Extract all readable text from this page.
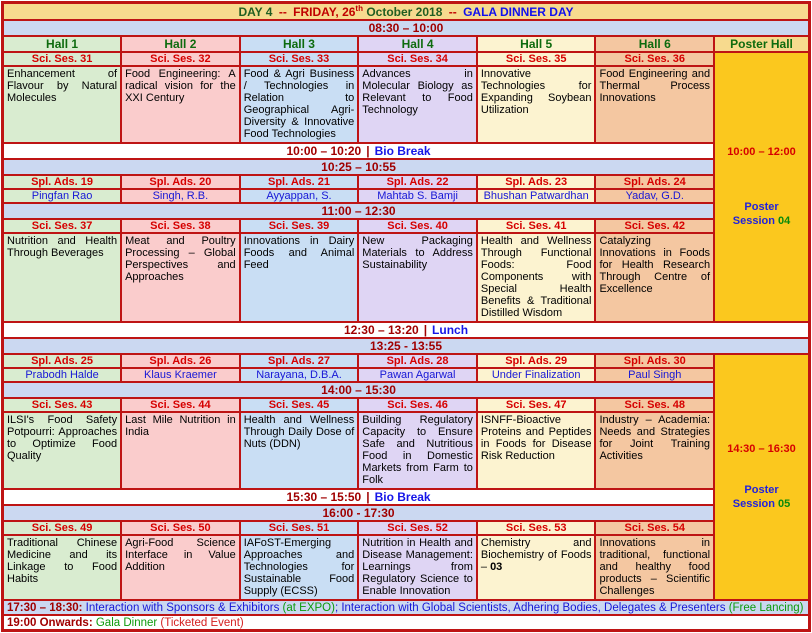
DAY 4 -- FRIDAY, 26th October 2018 -- GALA DINNER DAY						
08:30 – 10:00						
Hall 1	Hall 2	Hall 3	Hall 4	Hall 5	Hall 6	Poster Hall
Sci. Ses. 31	Sci. Ses. 32	Sci. Ses. 33	Sci. Ses. 34	Sci. Ses. 35	Sci. Ses. 36	10:00 – 12:00
Poster
Session 04

Enhancement of Flavour by Natural Molecules	Food Engineering: A radical vision for the XXI Century	Food & Agri Business / Technologies in Relation to Geographical Agri-Diversity & Innovative Food Technologies	Advances in Molecular Biology as Relevant to Food Technology	Innovative Technologies for Expanding Soybean Utilization	Food Engineering and Thermal Process Innovations	
10:00 – 10:20 | Bio Break						
10:25 – 10:55						
Spl. Ads. 19	Spl. Ads. 20	Spl. Ads. 21	Spl. Ads. 22	Spl. Ads. 23	Spl. Ads. 24	
Pingfan Rao	Singh, R.B.	Ayyappan, S.	Mahtab S. Bamji	Bhushan Patwardhan	Yadav, G.D.	
11:00 – 12:30						
Sci. Ses. 37	Sci. Ses. 38	Sci. Ses. 39	Sci. Ses. 40	Sci. Ses. 41	Sci. Ses. 42	
Nutrition and Health Through Beverages	Meat and Poultry Processing – Global Perspectives and Approaches	Innovations in Dairy Foods and Animal Feed	New Packaging Materials to Address Sustainability	Health and Wellness Through Functional Foods: Food Components with Special Health Benefits & Traditional Distilled Wisdom	Catalyzing Innovations in Foods for Health Research Through Centre of Excellence	
12:30 – 13:20 | Lunch						
13:25 - 13:55						
Spl. Ads. 25	Spl. Ads. 26	Spl. Ads. 27	Spl. Ads. 28	Spl. Ads. 29	Spl. Ads. 30	14:30 – 16:30
Poster
Session 05

Prabodh Halde	Klaus Kraemer	Narayana, D.B.A.	Pawan Agarwal	Under Finalization	Paul Singh	
14:00 – 15:30						
Sci. Ses. 43	Sci. Ses. 44	Sci. Ses. 45	Sci. Ses. 46	Sci. Ses. 47	Sci. Ses. 48	
ILSI's Food Safety Potpourri: Approaches to Optimize Food Quality	Last Mile Nutrition in India	Health and Wellness Through Daily Dose of Nuts (DDN)	Building Regulatory Capacity to Ensure Safe and Nutritious Food in Domestic Markets from Farm to Folk	ISNFF-Bioactive Proteins and Peptides in Foods for Disease Risk Reduction	Industry – Academia: Needs and Strategies for Joint Training Activities	
15:30 – 15:50 | Bio Break						
16:00 - 17:30						
Sci. Ses. 49	Sci. Ses. 50	Sci. Ses. 51	Sci. Ses. 52	Sci. Ses. 53	Sci. Ses. 54	
Traditional Chinese Medicine and its Linkage to Food Habits	Agri-Food Science Interface in Value Addition	IAFoST-Emerging Approaches and Technologies for Sustainable Food Supply (ECSS)	Nutrition in Health and Disease Management: Learnings from Regulatory Science to Enable Innovation	Chemistry and Biochemistry of Foods – 03	Innovations in traditional, functional and healthy food products – Scientific Challenges	
17:30 – 18:30: Interaction with Sponsors & Exhibitors (at EXPO); Interaction with Global Scientists, Adhering Bodies, Delegates & Presenters (Free Lancing)						
19:00 Onwards: Gala Dinner (Ticketed Event)						
